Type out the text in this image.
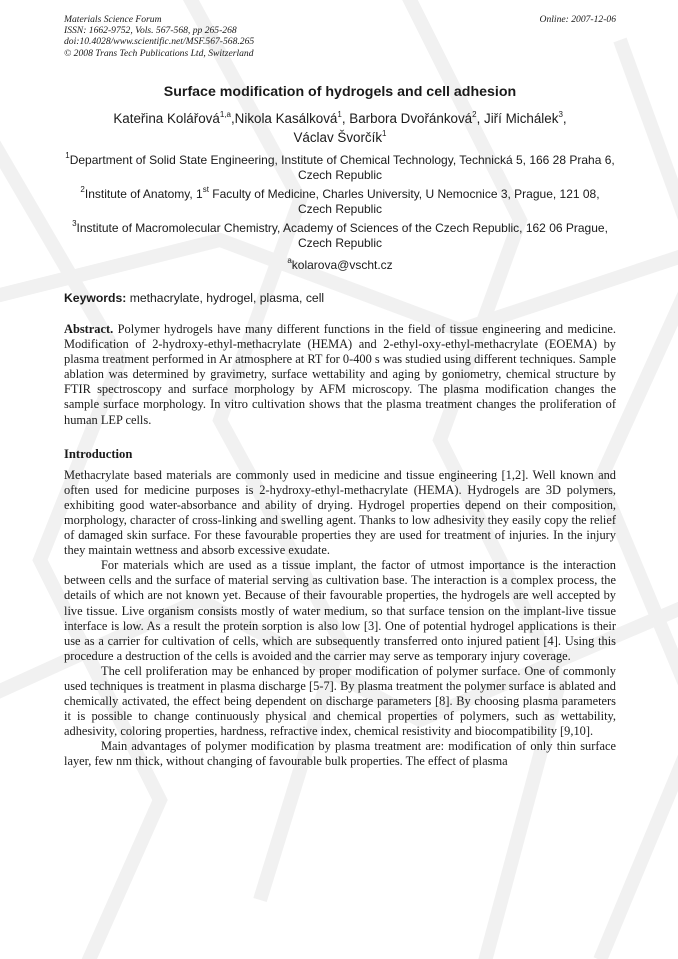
Materials Science Forum
ISSN: 1662-9752, Vols. 567-568, pp 265-268
doi:10.4028/www.scientific.net/MSF.567-568.265
© 2008 Trans Tech Publications Ltd, Switzerland
Online: 2007-12-06
Surface modification of hydrogels and cell adhesion
Kateřina Kolářová$^{1,a}$,Nikola Kasálková$^1$, Barbora Dvořánková$^2$, Jiří Michálek$^3$,
Václav Švorčík$^1$
$^1$Department of Solid State Engineering, Institute of Chemical Technology, Technická 5, 166 28 Praha 6, Czech Republic
$^2$Institute of Anatomy, 1st Faculty of Medicine, Charles University, U Nemocnice 3, Prague, 121 08, Czech Republic
$^3$Institute of Macromolecular Chemistry, Academy of Sciences of the Czech Republic, 162 06 Prague, Czech Republic
$^a$kolarova@vscht.cz
Keywords: methacrylate, hydrogel, plasma, cell

Abstract. Polymer hydrogels have many different functions in the field of tissue engineering and medicine. Modification of 2-hydroxy-ethyl-methacrylate (HEMA) and 2-ethyl-oxy-ethyl-methacrylate (EOEMA) by plasma treatment performed in Ar atmosphere at RT for 0-400 s was studied using different techniques. Sample ablation was determined by gravimetry, surface wettability and aging by goniometry, chemical structure by FTIR spectroscopy and surface morphology by AFM microscopy. The plasma modification changes the sample surface morphology. In vitro cultivation shows that the plasma treatment changes the proliferation of human LEP cells.

Introduction

Methacrylate based materials are commonly used in medicine and tissue engineering [1,2]. Well known and often used for medicine purposes is 2-hydroxy-ethyl-methacrylate (HEMA). Hydrogels are 3D polymers, exhibiting good water-absorbance and ability of drying. Hydrogel properties depend on their composition, morphology, character of cross-linking and swelling agent. Thanks to low adhesivity they easily copy the relief of damaged skin surface. For these favourable properties they are used for treatment of injuries. In the injury they maintain wettness and absorb excessive exudate.

For materials which are used as a tissue implant, the factor of utmost importance is the interaction between cells and the surface of material serving as cultivation base. The interaction is a complex process, the details of which are not known yet. Because of their favourable properties, the hydrogels are well accepted by live tissue. Live organism consists mostly of water medium, so that surface tension on the implant-live tissue interface is low. As a result the protein sorption is also low [3]. One of potential hydrogel applications is their use as a carrier for cultivation of cells, which are subsequently transferred onto injured patient [4]. Using this procedure a destruction of the cells is avoided and the carrier may serve as temporary injury coverage.

The cell proliferation may be enhanced by proper modification of polymer surface. One of commonly used techniques is treatment in plasma discharge [5-7]. By plasma treatment the polymer surface is ablated and chemically activated, the effect being dependent on discharge parameters [8]. By choosing plasma parameters it is possible to change continuously physical and chemical properties of polymers, such as wettability, adhesivity, coloring properties, hardness, refractive index, chemical resistivity and biocompatibility [9,10].

Main advantages of polymer modification by plasma treatment are: modification of only thin surface layer, few nm thick, without changing of favourable bulk properties. The effect of plasma
